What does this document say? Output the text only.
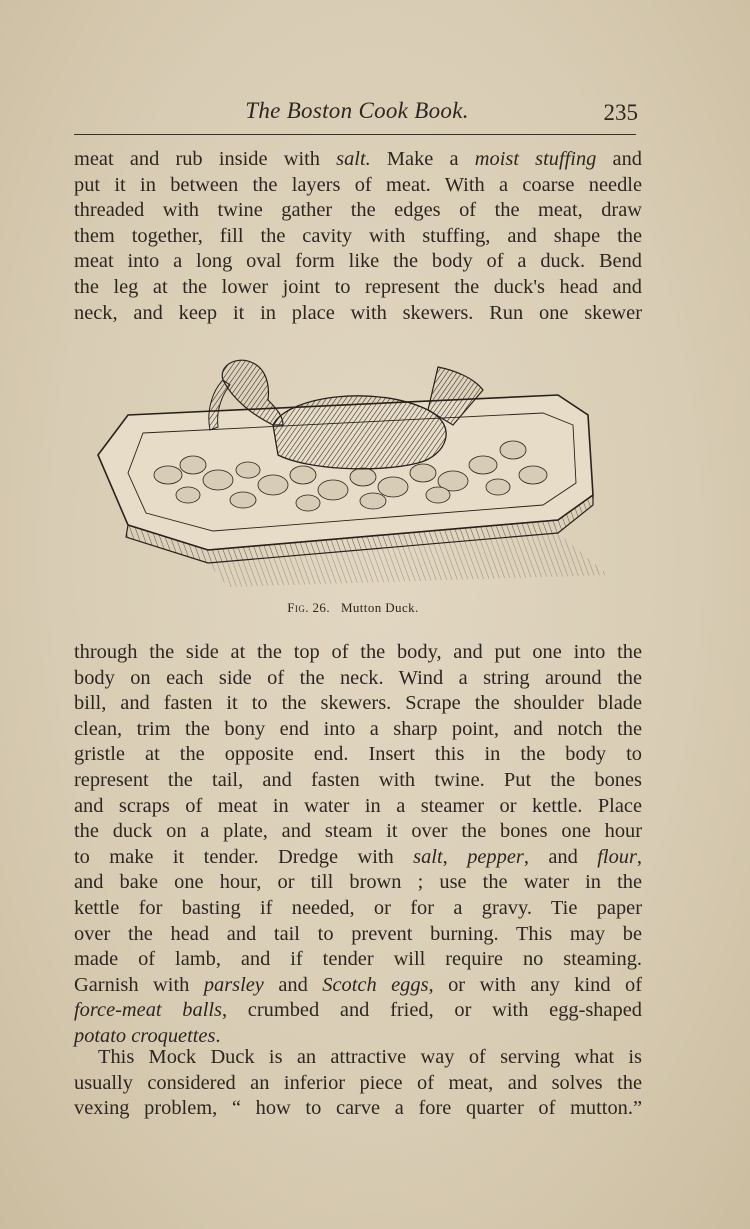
The Boston Cook Book.	235
meat and rub inside with salt. Make a moist stuffing and
put it in between the layers of meat. With a coarse needle
threaded with twine gather the edges of the meat, draw
them together, fill the cavity with stuffing, and shape the
meat into a long oval form like the body of a duck. Bend
the leg at the lower joint to represent the duck's head and
neck, and keep it in place with skewers. Run one skewer
Fig. 26. Mutton Duck.
through the side at the top of the body, and put one into the
body on each side of the neck. Wind a string around the
bill, and fasten it to the skewers. Scrape the shoulder blade
clean, trim the bony end into a sharp point, and notch the
gristle at the opposite end. Insert this in the body to
represent the tail, and fasten with twine. Put the bones
and scraps of meat in water in a steamer or kettle. Place
the duck on a plate, and steam it over the bones one hour
to make it tender. Dredge with salt, pepper, and flour,
and bake one hour, or till brown ; use the water in the
kettle for basting if needed, or for a gravy. Tie paper
over the head and tail to prevent burning. This may be
made of lamb, and if tender will require no steaming.
Garnish with parsley and Scotch eggs, or with any kind of
force-meat balls, crumbed and fried, or with egg-shaped
potato croquettes.
This Mock Duck is an attractive way of serving what is
usually considered an inferior piece of meat, and solves the
vexing problem, “ how to carve a fore quarter of mutton.”
